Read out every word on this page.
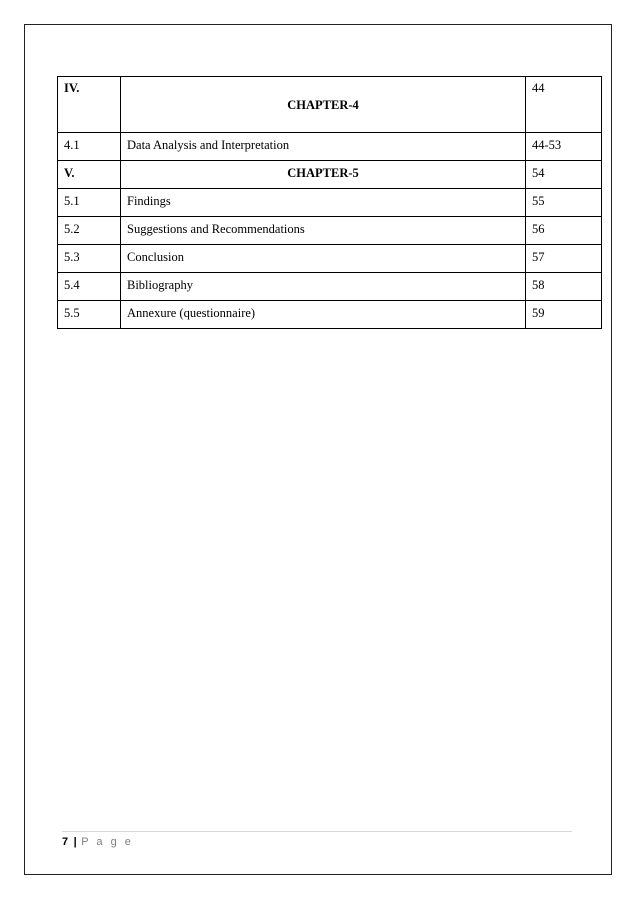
IV.	CHAPTER-4	44
4.1	Data Analysis and Interpretation	44-53
V.	CHAPTER-5	54
5.1	Findings	55
5.2	Suggestions and Recommendations	56
5.3	Conclusion	57
5.4	Bibliography	58
5.5	Annexure (questionnaire)	59
7 | P a g e
